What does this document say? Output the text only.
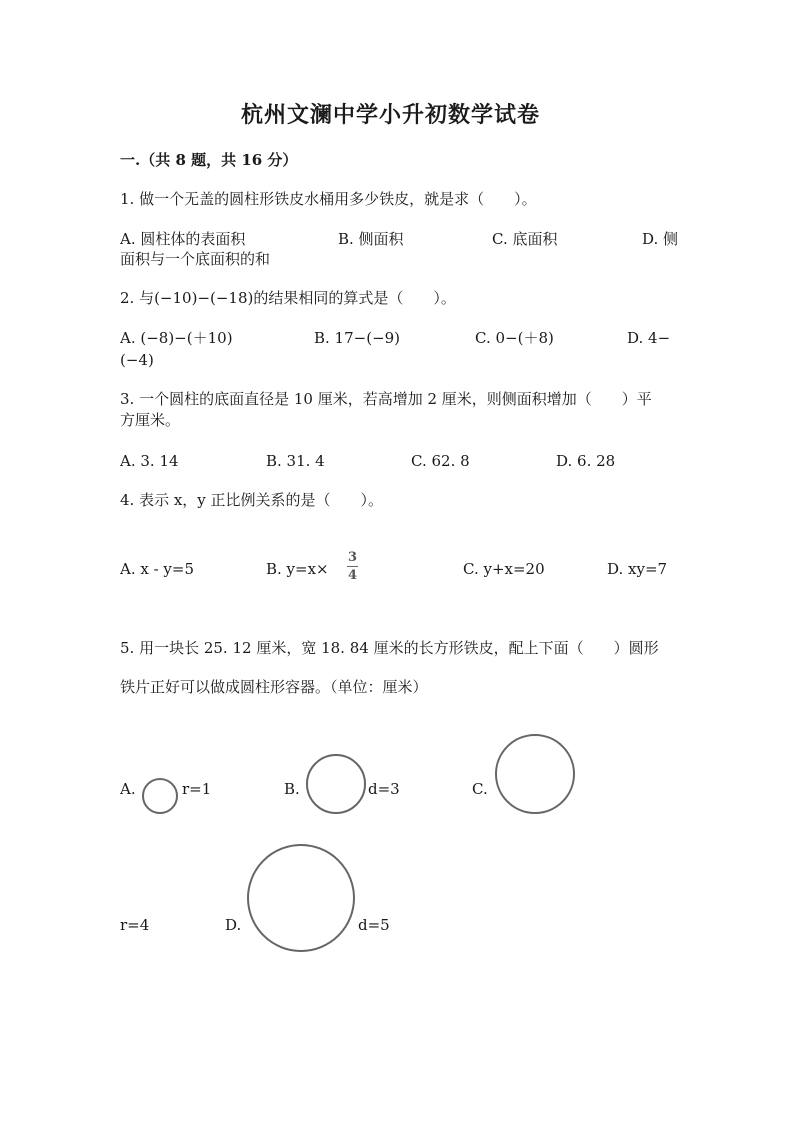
杭州文澜中学小升初数学试卷
一.（共 8 题，共 16 分）
1. 做一个无盖的圆柱形铁皮水桶用多少铁皮，就是求（　　）。
A. 圆柱体的表面积	B. 侧面积	C. 底面积	D. 侧
面积与一个底面积的和
2. 与(−10)−(−18)的结果相同的算式是（　　）。
A. (−8)−(＋10)	B. 17−(−9)	C. 0−(＋8)	D. 4−
(−4)
3. 一个圆柱的底面直径是 10 厘米，若高增加 2 厘米，则侧面积增加（　　）平
方厘米。
A. 3. 14	B. 31. 4	C. 62. 8	D. 6. 28
4. 表示 x，y 正比例关系的是（　　）。
A. x - y=5	B. y=x×
3
4	C. y+x=20	D. xy=7
5. 用一块长 25. 12 厘米，宽 18. 84 厘米的长方形铁皮，配上下面（　　）圆形
铁片正好可以做成圆柱形容器。（单位：厘米）
A.	r=1	B.	d=3	C.
r=4	D.	d=5
